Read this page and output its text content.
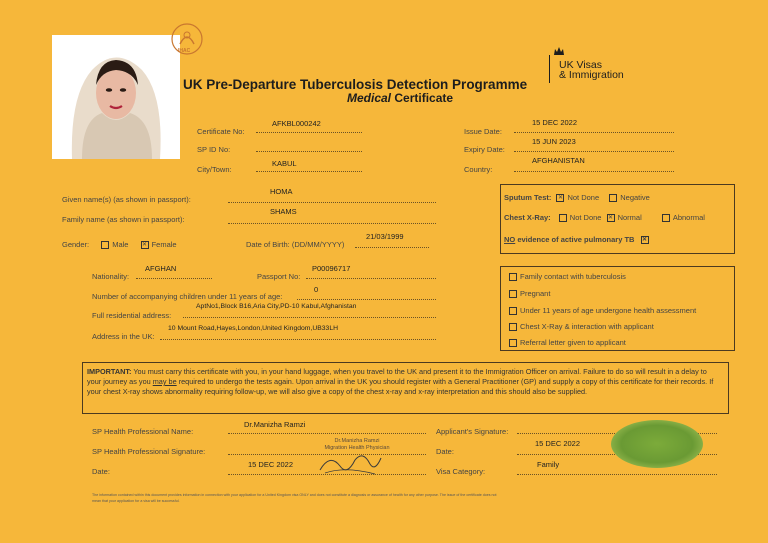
IHAC
UK Pre-Departure Tuberculosis Detection Programme
Medical Certificate
UK Visas
& Immigration
Certificate No:
AFKBL000242
SP ID No:
City/Town:
KABUL
Issue Date:
15 DEC 2022
Expiry Date:
15 JUN 2023
Country:
AFGHANISTAN
Given name(s) (as shown in passport):
HOMA
Family name (as shown in passport):
SHAMS
Gender:	Male ✕	Female	Date of Birth: (DD/MM/YYYY)
21/03/1999
Nationality:
AFGHAN
Passport No:
P00096717
Number of accompanying children under 11 years of age:
0
Full residential address:
AptNo1,Block B16,Aria City,PD-10 Kabul,Afghanistan
Address in the UK:
10 Mount Road,Hayes,London,United Kingdom,UB33LH
Sputum Test: ✕ Not Done	Negative
Chest X-Ray:	Not Done ✕ Normal	Abnormal
NO evidence of active pulmonary TB ✕
Family contact with tuberculosis
Pregnant
Under 11 years of age undergone health assessment
Chest X-Ray & interaction with applicant
Referral letter given to applicant
IMPORTANT: You must carry this certificate with you, in your hand luggage, when you travel to the UK and present it to the Immigration Officer on arrival. Failure to do so will result in a delay to your journey as you may be required to undergo the tests again. Upon arrival in the UK you should register with a General Practitioner (GP) and supply a copy of this certificate for their records. If your chest X-ray shows abnormality requiring follow-up, we will also give a copy of the chest x-ray and x-ray interpretation and this should also be supplied.
SP Health Professional Name:
Dr.Manizha Ramzi
SP Health Professional Signature:
Dr.Manizha Ramzi
Migration Health Physician
Date:
15 DEC 2022
Applicant's Signature:
Date:
15 DEC 2022
Visa Category:
Family
The information contained within this document provides information in connection with your application for a United Kingdom visa ONLY and does not constitute a diagnosis or assurance of health for any other purpose. The issue of the certificate does not
mean that your application for a visa will be successful.
